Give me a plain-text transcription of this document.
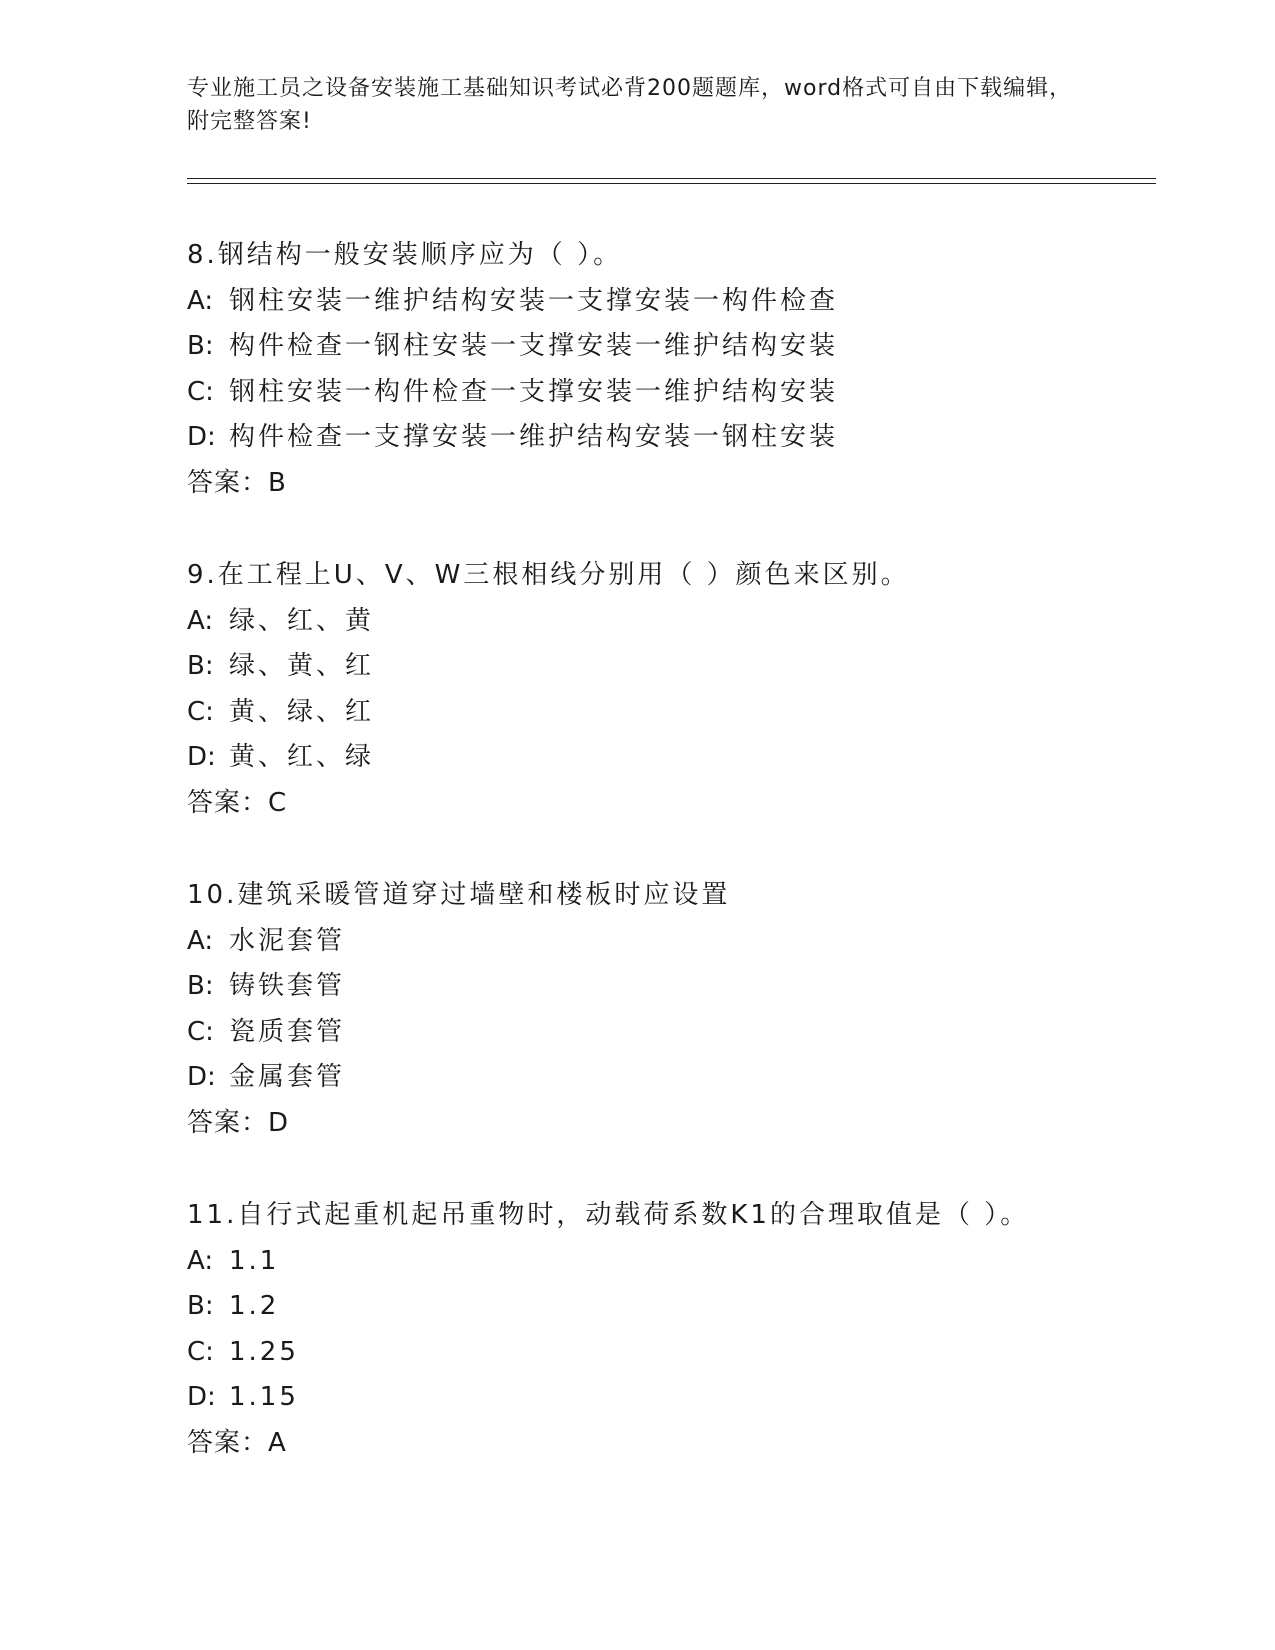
专业施工员之设备安装施工基础知识考试必背200题题库，word格式可自由下载编辑，附完整答案!
8.钢结构一般安装顺序应为（ ）。
A: 钢柱安装一维护结构安装一支撑安装一构件检查
B: 构件检查一钢柱安装一支撑安装一维护结构安装
C: 钢柱安装一构件检查一支撑安装一维护结构安装
D: 构件检查一支撑安装一维护结构安装一钢柱安装
答案：B
9.在工程上U、V、W三根相线分别用（ ）颜色来区别。
A: 绿、红、黄
B: 绿、黄、红
C: 黄、绿、红
D: 黄、红、绿
答案：C
10.建筑采暖管道穿过墙壁和楼板时应设置
A: 水泥套管
B: 铸铁套管
C: 瓷质套管
D: 金属套管
答案：D
11.自行式起重机起吊重物时，动载荷系数K1的合理取值是（ ）。
A: 1.1
B: 1.2
C: 1.25
D: 1.15
答案：A
